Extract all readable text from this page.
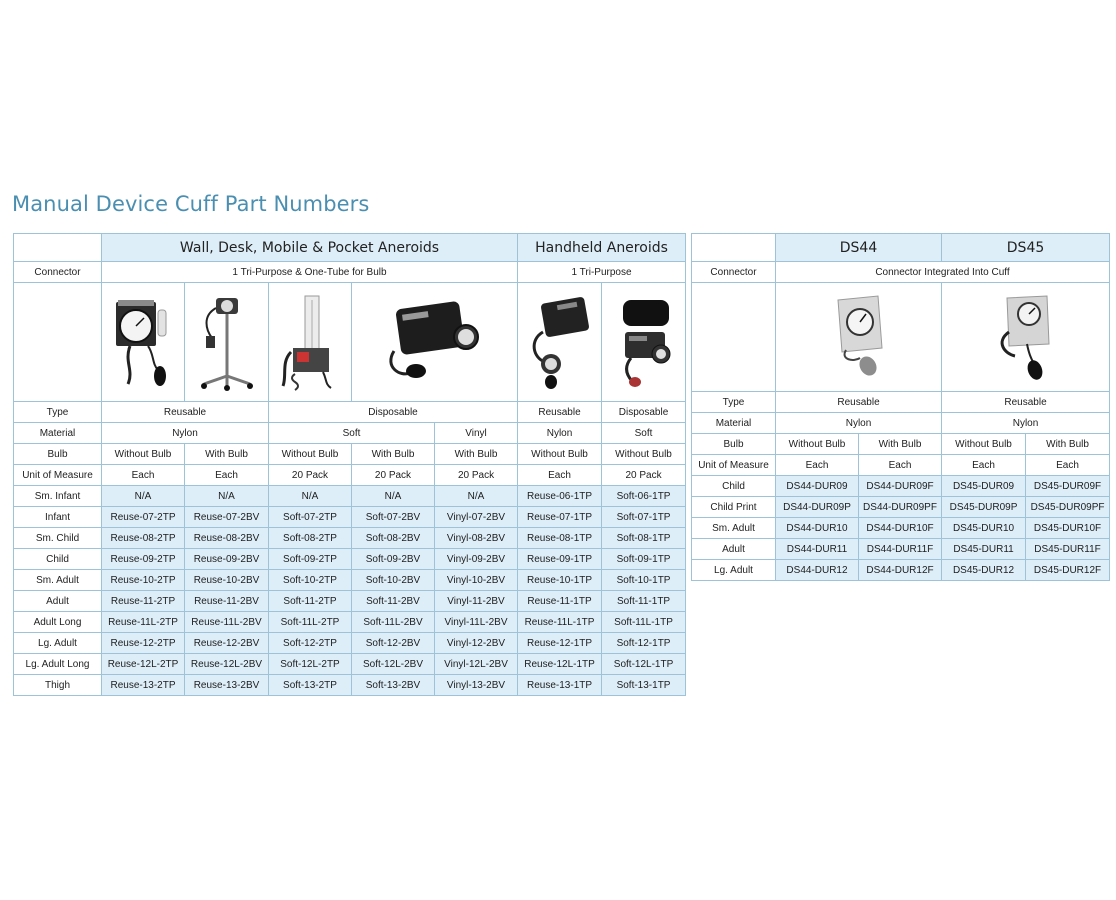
Manual Device Cuff Part Numbers
	Wall, Desk, Mobile & Pocket Aneroids					Handheld Aneroids	
Connector	1 Tri-Purpose & One-Tube for Bulb					1 Tri-Purpose	

Type	Reusable		Disposable			Reusable	Disposable
Material	Nylon		Soft		Vinyl	Nylon	Soft
Bulb	Without Bulb	With Bulb	Without Bulb	With Bulb	With Bulb	Without Bulb	Without Bulb
Unit of Measure	Each	Each	20 Pack	20 Pack	20 Pack	Each	20 Pack
Sm. Infant	N/A	N/A	N/A	N/A	N/A	Reuse-06-1TP	Soft-06-1TP
Infant	Reuse-07-2TP	Reuse-07-2BV	Soft-07-2TP	Soft-07-2BV	Vinyl-07-2BV	Reuse-07-1TP	Soft-07-1TP
Sm. Child	Reuse-08-2TP	Reuse-08-2BV	Soft-08-2TP	Soft-08-2BV	Vinyl-08-2BV	Reuse-08-1TP	Soft-08-1TP
Child	Reuse-09-2TP	Reuse-09-2BV	Soft-09-2TP	Soft-09-2BV	Vinyl-09-2BV	Reuse-09-1TP	Soft-09-1TP
Sm. Adult	Reuse-10-2TP	Reuse-10-2BV	Soft-10-2TP	Soft-10-2BV	Vinyl-10-2BV	Reuse-10-1TP	Soft-10-1TP
Adult	Reuse-11-2TP	Reuse-11-2BV	Soft-11-2TP	Soft-11-2BV	Vinyl-11-2BV	Reuse-11-1TP	Soft-11-1TP
Adult Long	Reuse-11L-2TP	Reuse-11L-2BV	Soft-11L-2TP	Soft-11L-2BV	Vinyl-11L-2BV	Reuse-11L-1TP	Soft-11L-1TP
Lg. Adult	Reuse-12-2TP	Reuse-12-2BV	Soft-12-2TP	Soft-12-2BV	Vinyl-12-2BV	Reuse-12-1TP	Soft-12-1TP
Lg. Adult Long	Reuse-12L-2TP	Reuse-12L-2BV	Soft-12L-2TP	Soft-12L-2BV	Vinyl-12L-2BV	Reuse-12L-1TP	Soft-12L-1TP
Thigh	Reuse-13-2TP	Reuse-13-2BV	Soft-13-2TP	Soft-13-2BV	Vinyl-13-2BV	Reuse-13-1TP	Soft-13-1TP
	DS44		DS45	
Connector	Connector Integrated Into Cuff			

Type	Reusable		Reusable	
Material	Nylon		Nylon	
Bulb	Without Bulb	With Bulb	Without Bulb	With Bulb
Unit of Measure	Each	Each	Each	Each
Child	DS44-DUR09	DS44-DUR09F	DS45-DUR09	DS45-DUR09F
Child Print	DS44-DUR09P	DS44-DUR09PF	DS45-DUR09P	DS45-DUR09PF
Sm. Adult	DS44-DUR10	DS44-DUR10F	DS45-DUR10	DS45-DUR10F
Adult	DS44-DUR11	DS44-DUR11F	DS45-DUR11	DS45-DUR11F
Lg. Adult	DS44-DUR12	DS44-DUR12F	DS45-DUR12	DS45-DUR12F
